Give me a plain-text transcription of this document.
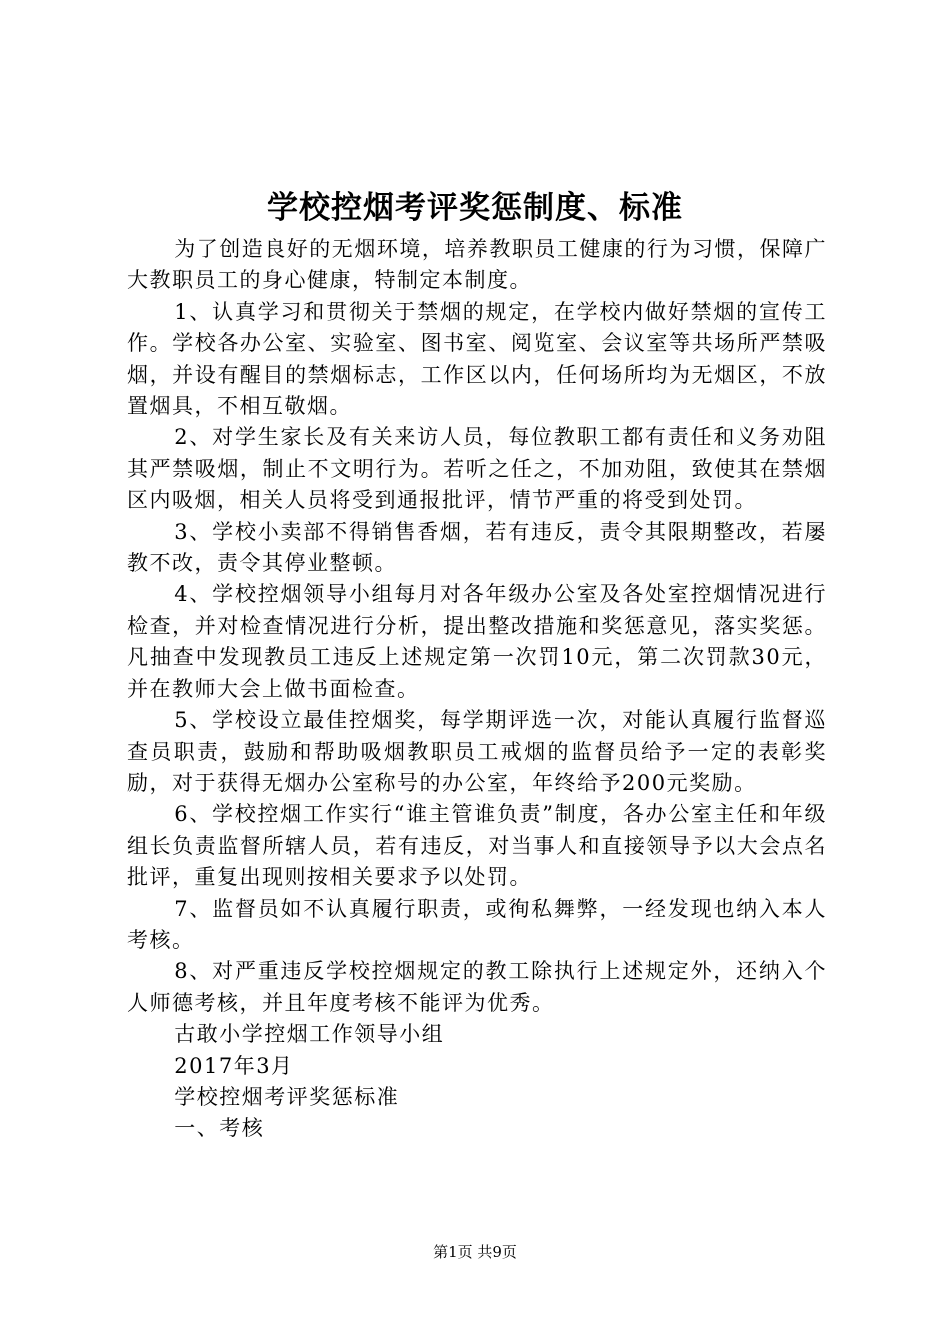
学校控烟考评奖惩制度、标准

为了创造良好的无烟环境，培养教职员工健康的行为习惯，保障广大教职员工的身心健康，特制定本制度。

1、认真学习和贯彻关于禁烟的规定，在学校内做好禁烟的宣传工作。学校各办公室、实验室、图书室、阅览室、会议室等共场所严禁吸烟，并设有醒目的禁烟标志，工作区以内，任何场所均为无烟区，不放置烟具，不相互敬烟。

2、对学生家长及有关来访人员，每位教职工都有责任和义务劝阻其严禁吸烟，制止不文明行为。若听之任之，不加劝阻，致使其在禁烟区内吸烟，相关人员将受到通报批评，情节严重的将受到处罚。

3、学校小卖部不得销售香烟，若有违反，责令其限期整改，若屡教不改，责令其停业整顿。

4、学校控烟领导小组每月对各年级办公室及各处室控烟情况进行检查，并对检查情况进行分析，提出整改措施和奖惩意见，落实奖惩。凡抽查中发现教员工违反上述规定第一次罚10元，第二次罚款30元，并在教师大会上做书面检查。

5、学校设立最佳控烟奖，每学期评选一次，对能认真履行监督巡查员职责，鼓励和帮助吸烟教职员工戒烟的监督员给予一定的表彰奖励，对于获得无烟办公室称号的办公室，年终给予200元奖励。

6、学校控烟工作实行“谁主管谁负责”制度，各办公室主任和年级组长负责监督所辖人员，若有违反，对当事人和直接领导予以大会点名批评，重复出现则按相关要求予以处罚。

7、监督员如不认真履行职责，或徇私舞弊，一经发现也纳入本人考核。

8、对严重违反学校控烟规定的教工除执行上述规定外，还纳入个人师德考核，并且年度考核不能评为优秀。

古敢小学控烟工作领导小组

2017年3月

学校控烟考评奖惩标准

一、考核

第1页 共9页
